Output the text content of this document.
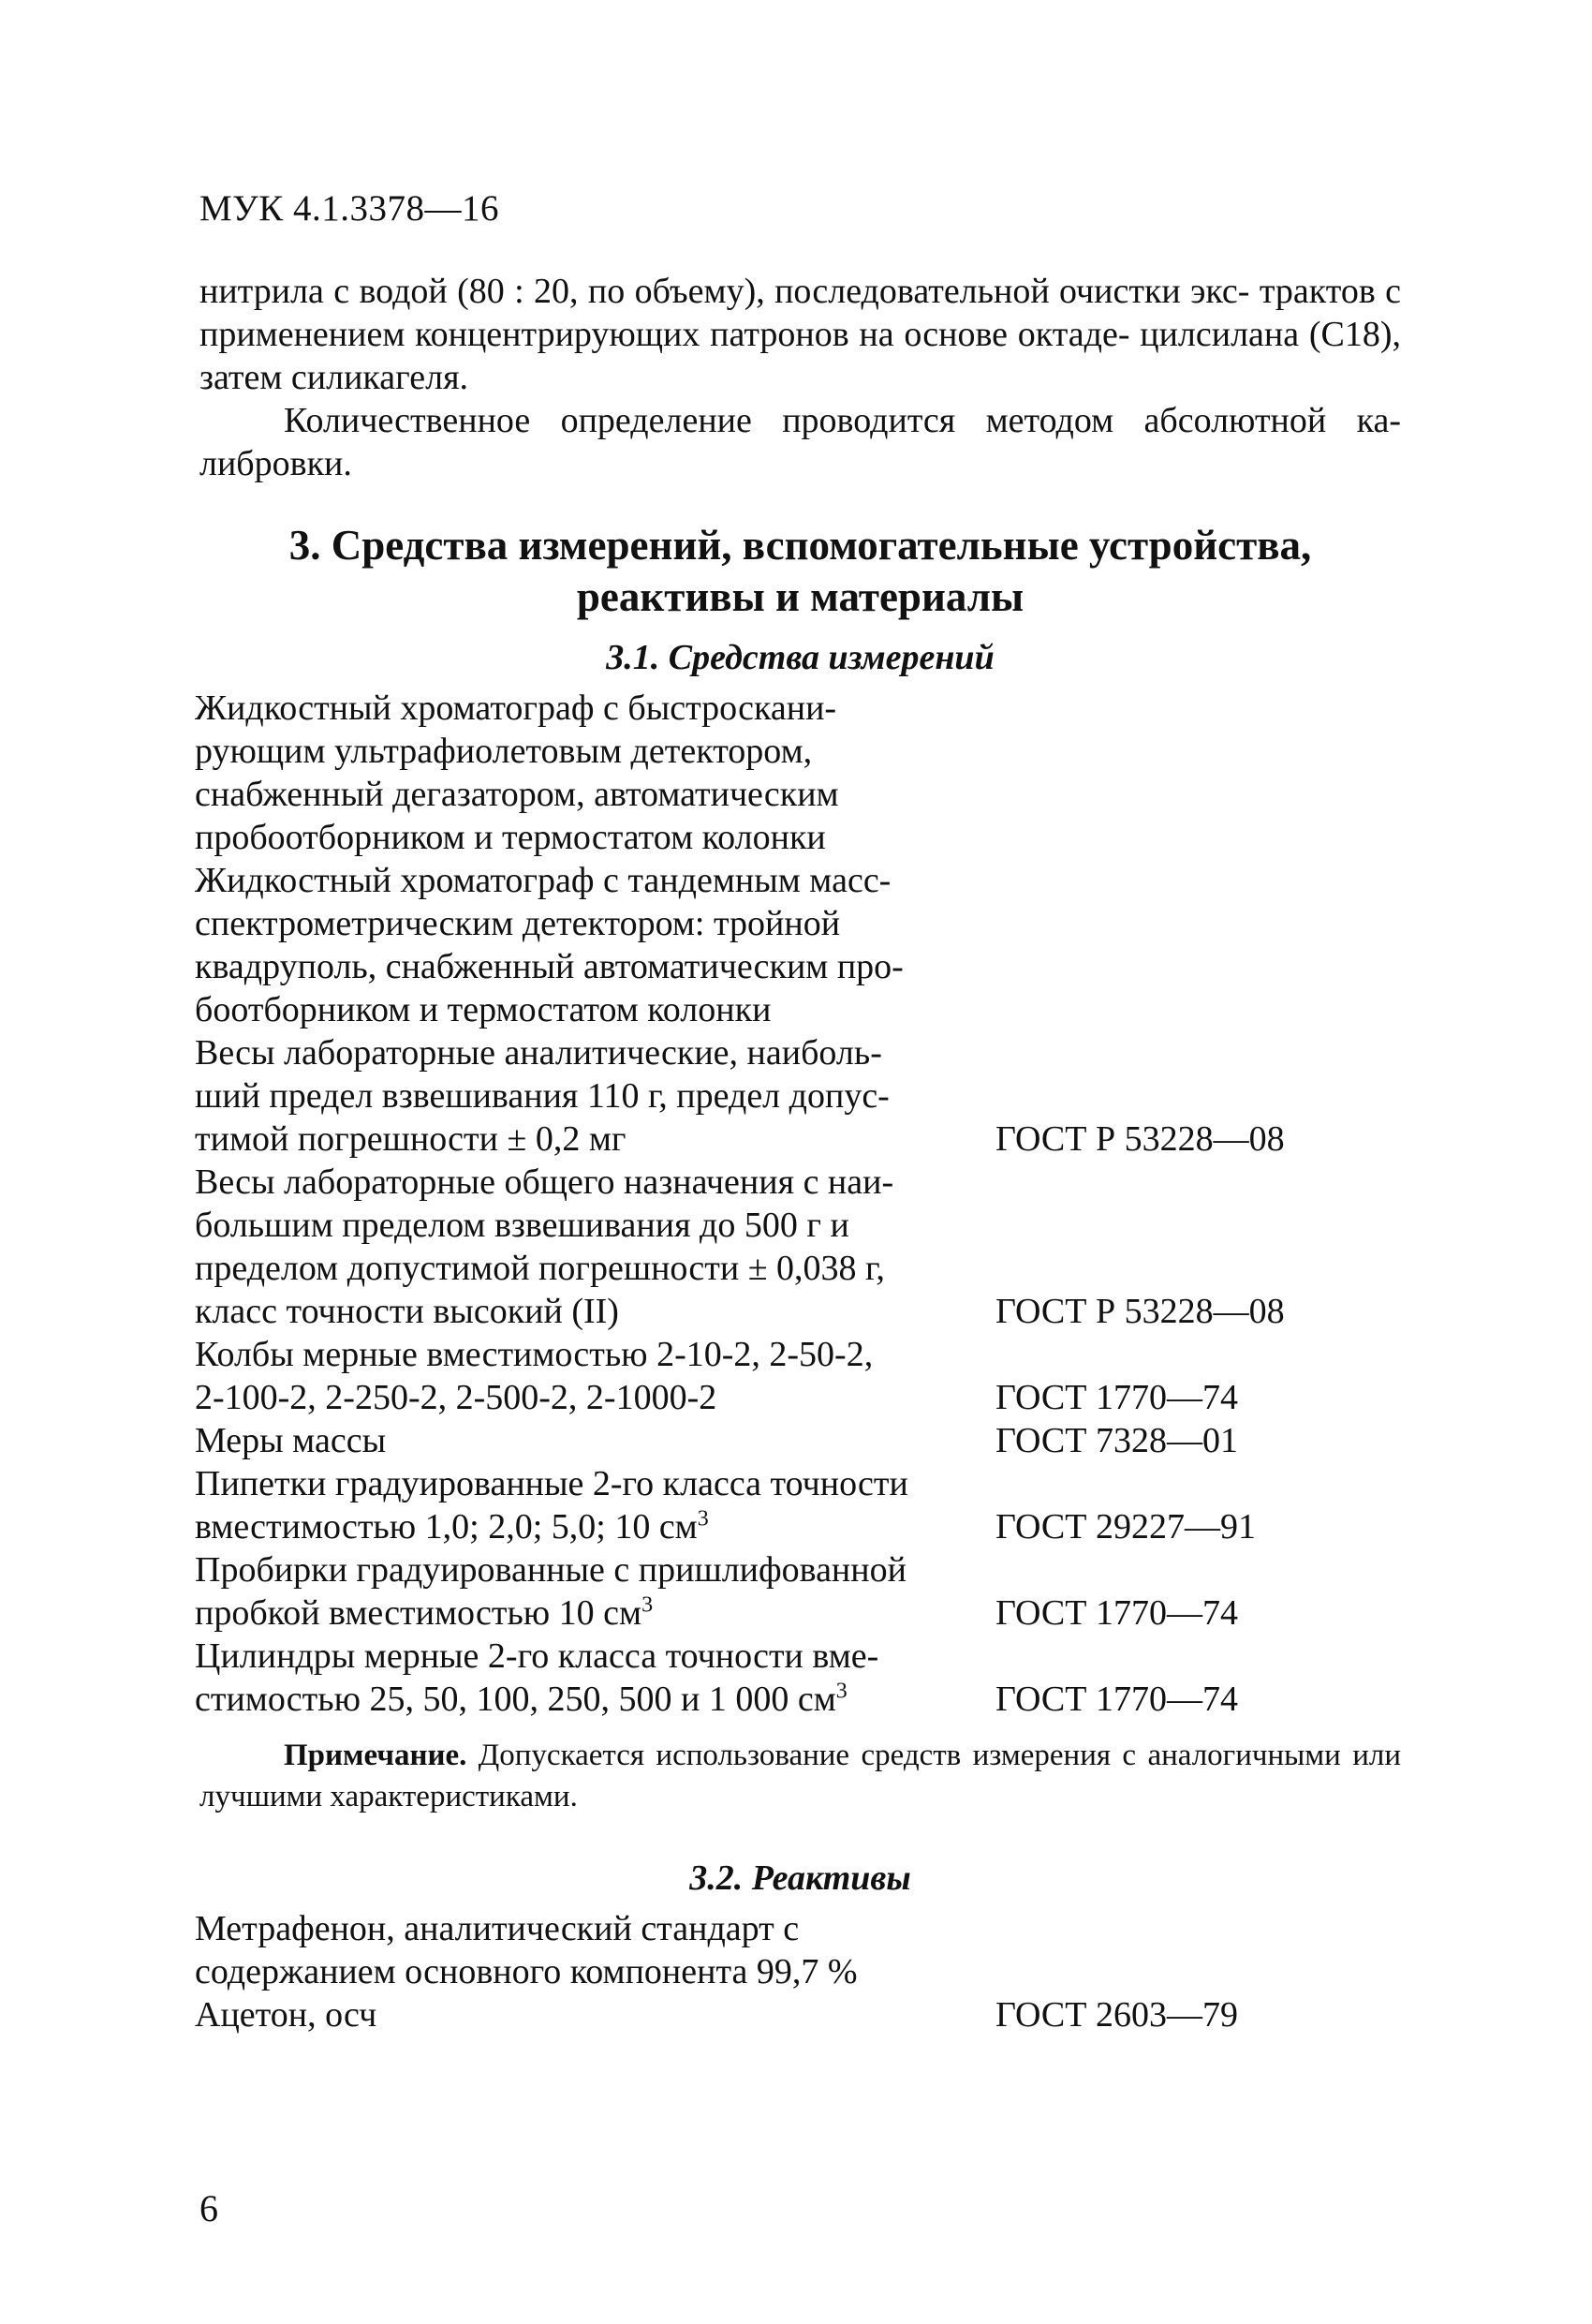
МУК 4.1.3378—16

нитрила с водой (80 : 20, по объему), последовательной очистки экс- трактов с применением концентрирующих патронов на основе октаде- цилсилана (С18), затем силикагеля.

Количественное определение проводится методом абсолютной ка- либровки.

3. Средства измерений, вспомогательные устройства,
реактивы и материалы
3.1. Средства измерений
Жидкостный хроматограф с быстроскани-
рующим ультрафиолетовым детектором,
снабженный дегазатором, автоматическим
пробоотборником и термостатом колонки
Жидкостный хроматограф с тандемным масс-
спектрометрическим детектором: тройной
квадруполь, снабженный автоматическим про-
боотборником и термостатом колонки
Весы лабораторные аналитические, наиболь-
ший предел взвешивания 110 г, предел допус-
тимой погрешности ± 0,2 мг	ГОСТ Р 53228—08
Весы лабораторные общего назначения с наи-
большим пределом взвешивания до 500 г и
пределом допустимой погрешности ± 0,038 г,
класс точности высокий (II)	ГОСТ Р 53228—08
Колбы мерные вместимостью 2-10-2, 2-50-2,
2-100-2, 2-250-2, 2-500-2, 2-1000-2	ГОСТ 1770—74
Меры массы	ГОСТ 7328—01
Пипетки градуированные 2-го класса точности
вместимостью 1,0; 2,0; 5,0; 10 $см^3$	ГОСТ 29227—91
Пробирки градуированные с пришлифованной
пробкой вместимостью 10 $см^3$	ГОСТ 1770—74
Цилиндры мерные 2-го класса точности вме-
стимостью 25, 50, 100, 250, 500 и 1 000 $см^3$	ГОСТ 1770—74
Примечание. Допускается использование средств измерения с аналогичными или лучшими характеристиками.
3.2. Реактивы
Метрафенон, аналитический стандарт с
содержанием основного компонента 99,7 %
Ацетон, осч	ГОСТ 2603—79
6
